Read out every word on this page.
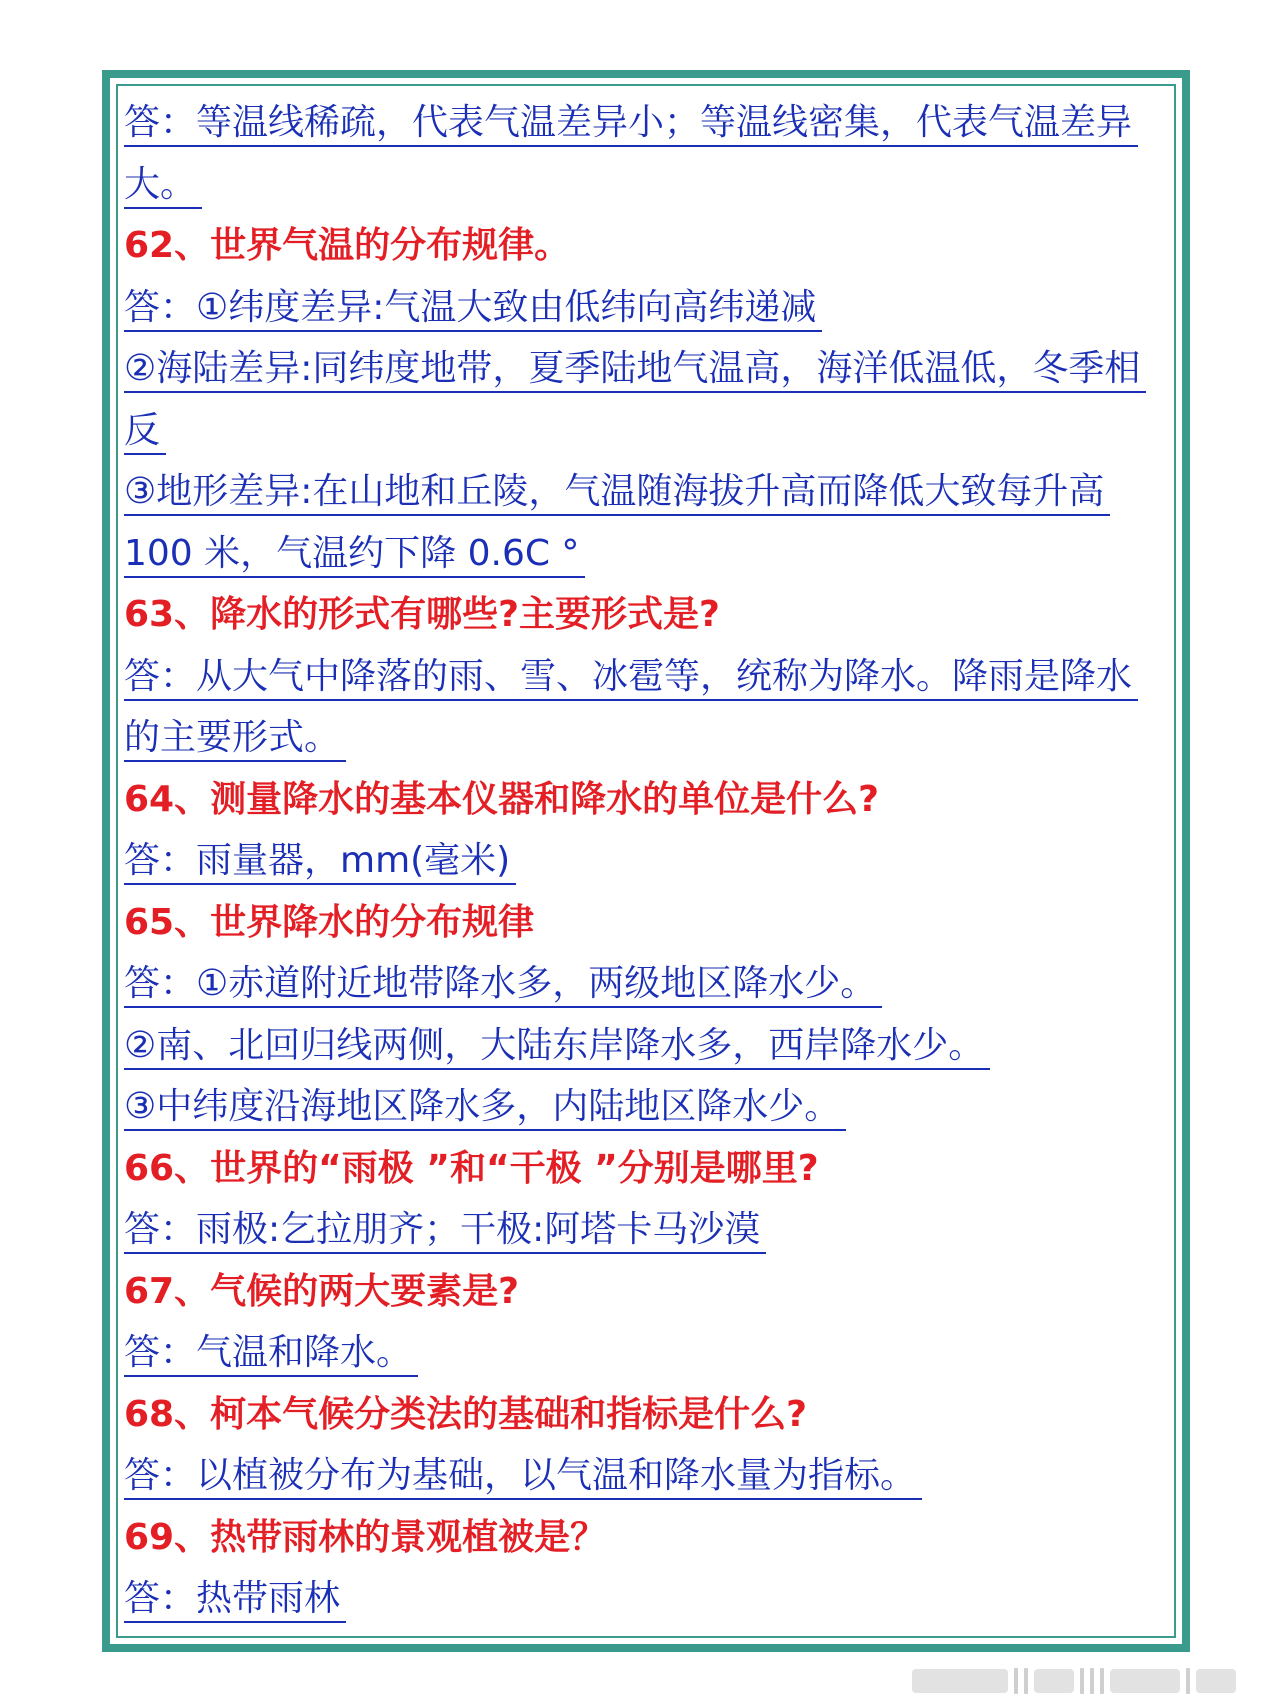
答：等温线稀疏，代表气温差异小；等温线密集，代表气温差异
大。
62、世界气温的分布规律。
答：①纬度差异:气温大致由低纬向高纬递减
②海陆差异:同纬度地带，夏季陆地气温高，海洋低温低，冬季相
反
③地形差异:在山地和丘陵，气温随海拔升高而降低大致每升高
100 米，气温约下降 0.6C °
63、降水的形式有哪些?主要形式是?
答：从大气中降落的雨、雪、冰雹等，统称为降水。降雨是降水
的主要形式。
64、测量降水的基本仪器和降水的单位是什么?
答：雨量器，mm(毫米)
65、世界降水的分布规律
答：①赤道附近地带降水多，两级地区降水少。
②南、北回归线两侧，大陆东岸降水多，西岸降水少。
③中纬度沿海地区降水多，内陆地区降水少。
66、世界的“雨极 ”和“干极 ”分别是哪里?
答：雨极:乞拉朋齐；干极:阿塔卡马沙漠
67、气候的两大要素是?
答：气温和降水。
68、柯本气候分类法的基础和指标是什么?
答：以植被分布为基础，以气温和降水量为指标。
69、热带雨林的景观植被是？
答：热带雨林
